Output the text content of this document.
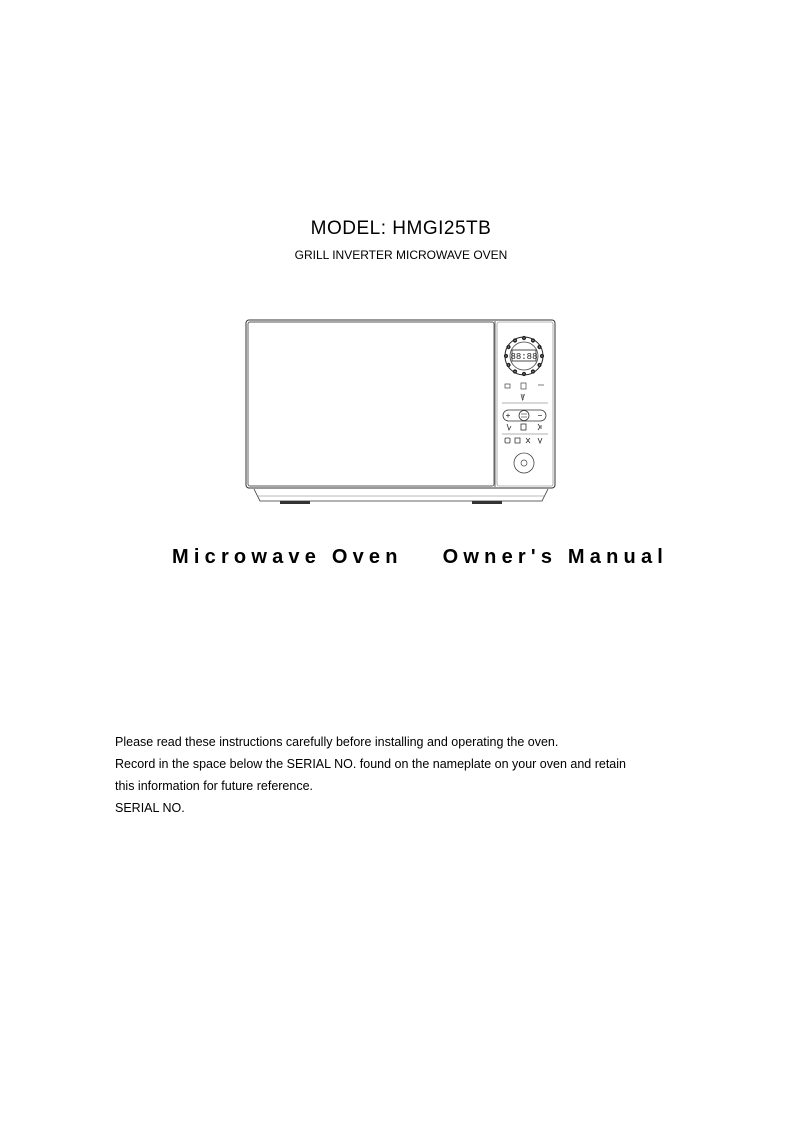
MODEL: HMGI25TB
GRILL INVERTER MICROWAVE OVEN
88:88
Microwave Oven Owner's Manual

Please read these instructions carefully before installing and operating the oven.

Record in the space below the SERIAL NO. found on the nameplate on your oven and retain

this information for future reference.

SERIAL NO.
